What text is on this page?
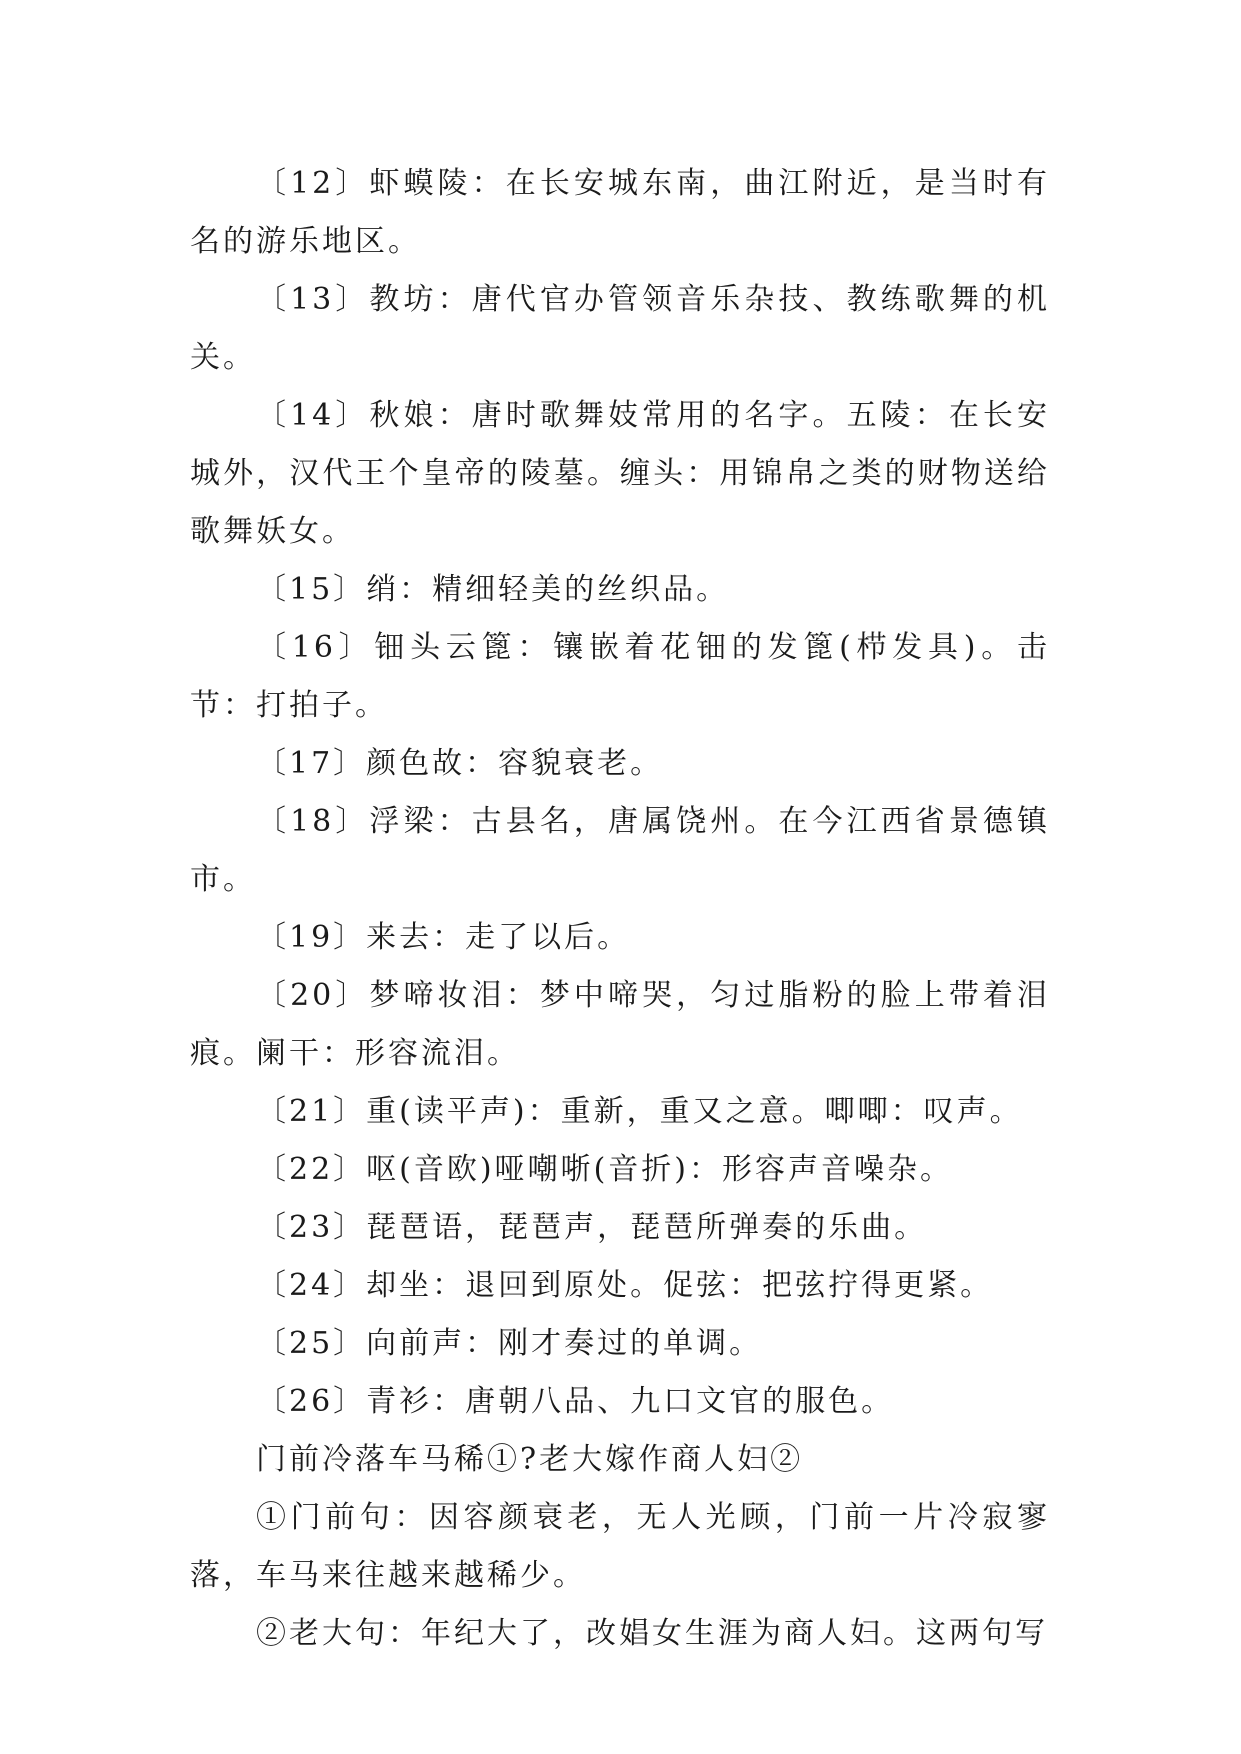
〔12〕虾蟆陵：在长安城东南，曲江附近，是当时有名的游乐地区。

〔13〕教坊：唐代官办管领音乐杂技、教练歌舞的机关。

〔14〕秋娘：唐时歌舞妓常用的名字。五陵：在长安城外，汉代王个皇帝的陵墓。缠头：用锦帛之类的财物送给歌舞妖女。

〔15〕绡：精细轻美的丝织品。

〔16〕钿头云篦：镶嵌着花钿的发篦(栉发具)。击节：打拍子。

〔17〕颜色故：容貌衰老。

〔18〕浮梁：古县名，唐属饶州。在今江西省景德镇市。

〔19〕来去：走了以后。

〔20〕梦啼妆泪：梦中啼哭，匀过脂粉的脸上带着泪痕。阑干：形容流泪。

〔21〕重(读平声)：重新，重又之意。唧唧：叹声。

〔22〕呕(音欧)哑嘲哳(音折)：形容声音噪杂。

〔23〕琵琶语，琵琶声，琵琶所弹奏的乐曲。

〔24〕却坐：退回到原处。促弦：把弦拧得更紧。

〔25〕向前声：刚才奏过的单调。

〔26〕青衫：唐朝八品、九口文官的服色。

门前冷落车马稀①?老大嫁作商人妇②

①门前句：因容颜衰老，无人光顾，门前一片冷寂寥落，车马来往越来越稀少。

②老大句：年纪大了，改娼女生涯为商人妇。这两句写
